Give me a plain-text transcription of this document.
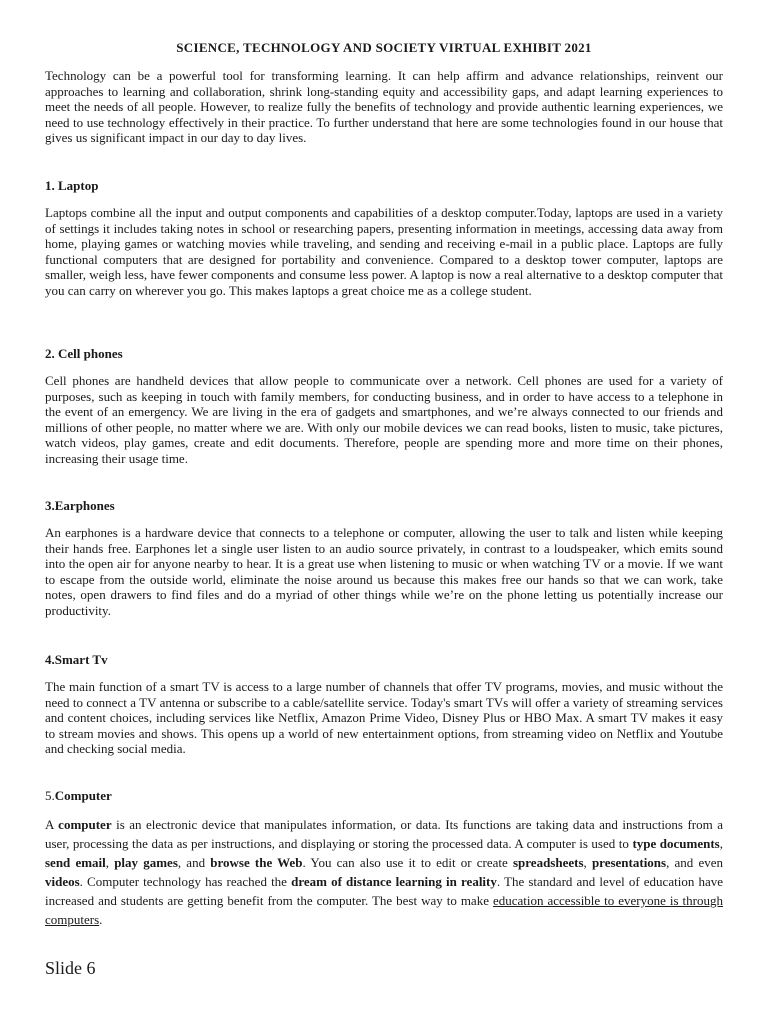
SCIENCE, TECHNOLOGY AND SOCIETY VIRTUAL EXHIBIT 2021

Technology can be a powerful tool for transforming learning. It can help affirm and advance relationships, reinvent our approaches to learning and collaboration, shrink long-standing equity and accessibility gaps, and adapt learning experiences to meet the needs of all people. However, to realize fully the benefits of technology and provide authentic learning experiences, we need to use technology effectively in their practice. To further understand that here are some technologies found in our house that gives us significant impact in our day to day lives.

1. Laptop

Laptops combine all the input and output components and capabilities of a desktop computer.Today, laptops are used in a variety of settings it includes taking notes in school or researching papers, presenting information in meetings, accessing data away from home, playing games or watching movies while traveling, and sending and receiving e-mail in a public place. Laptops are fully functional computers that are designed for portability and convenience. Compared to a desktop tower computer, laptops are smaller, weigh less, have fewer components and consume less power. A laptop is now a real alternative to a desktop computer that you can carry on wherever you go. This makes laptops a great choice me as a college student.

2. Cell phones

Cell phones are handheld devices that allow people to communicate over a network. Cell phones are used for a variety of purposes, such as keeping in touch with family members, for conducting business, and in order to have access to a telephone in the event of an emergency. We are living in the era of gadgets and smartphones, and we’re always connected to our friends and millions of other people, no matter where we are. With only our mobile devices we can read books, listen to music, take pictures, watch videos, play games, create and edit documents. Therefore, people are spending more and more time on their phones, increasing their usage time.

3.Earphones

An earphones is a hardware device that connects to a telephone or computer, allowing the user to talk and listen while keeping their hands free. Earphones let a single user listen to an audio source privately, in contrast to a loudspeaker, which emits sound into the open air for anyone nearby to hear. It is a great use when listening to music or when watching TV or a movie. If we want to escape from the outside world, eliminate the noise around us because this makes free our hands so that we can work, take notes, open drawers to find files and do a myriad of other things while we’re on the phone letting us potentially increase our productivity.

4.Smart Tv

The main function of a smart TV is access to a large number of channels that offer TV programs, movies, and music without the need to connect a TV antenna or subscribe to a cable/satellite service. Today's smart TVs will offer a variety of streaming services and content choices, including services like Netflix, Amazon Prime Video, Disney Plus or HBO Max. A smart TV makes it easy to stream movies and shows. This opens up a world of new entertainment options, from streaming video on Netflix and Youtube and checking social media.

5.Computer

A computer is an electronic device that manipulates information, or data. Its functions are taking data and instructions from a user, processing the data as per instructions, and displaying or storing the processed data. A computer is used to type documents, send email, play games, and browse the Web. You can also use it to edit or create spreadsheets, presentations, and even videos. Computer technology has reached the dream of distance learning in reality. The standard and level of education have increased and students are getting benefit from the computer. The best way to make education accessible to everyone is through computers.

Slide 6
